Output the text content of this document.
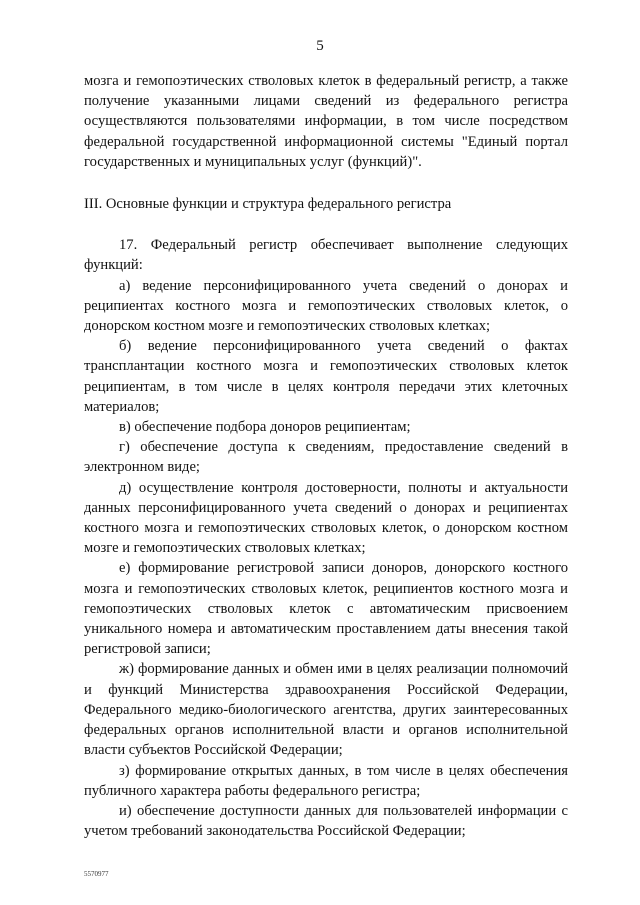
5

мозга и гемопоэтических стволовых клеток в федеральный регистр, а также получение указанными лицами сведений из федерального регистра осуществляются пользователями информации, в том числе посредством федеральной государственной информационной системы "Единый портал государственных и муниципальных услуг (функций)".

III. Основные функции и структура федерального регистра

17. Федеральный регистр обеспечивает выполнение следующих функций:

а) ведение персонифицированного учета сведений о донорах и реципиентах костного мозга и гемопоэтических стволовых клеток, о донорском костном мозге и гемопоэтических стволовых клетках;

б) ведение персонифицированного учета сведений о фактах трансплантации костного мозга и гемопоэтических стволовых клеток реципиентам, в том числе в целях контроля передачи этих клеточных материалов;

в) обеспечение подбора доноров реципиентам;

г) обеспечение доступа к сведениям, предоставление сведений в электронном виде;

д) осуществление контроля достоверности, полноты и актуальности данных персонифицированного учета сведений о донорах и реципиентах костного мозга и гемопоэтических стволовых клеток, о донорском костном мозге и гемопоэтических стволовых клетках;

е) формирование регистровой записи доноров, донорского костного мозга и гемопоэтических стволовых клеток, реципиентов костного мозга и гемопоэтических стволовых клеток с автоматическим присвоением уникального номера и автоматическим проставлением даты внесения такой регистровой записи;

ж) формирование данных и обмен ими в целях реализации полномочий и функций Министерства здравоохранения Российской Федерации, Федерального медико-биологического агентства, других заинтересованных федеральных органов исполнительной власти и органов исполнительной власти субъектов Российской Федерации;

з) формирование открытых данных, в том числе в целях обеспечения публичного характера работы федерального регистра;

и) обеспечение доступности данных для пользователей информации с учетом требований законодательства Российской Федерации;

5570977
